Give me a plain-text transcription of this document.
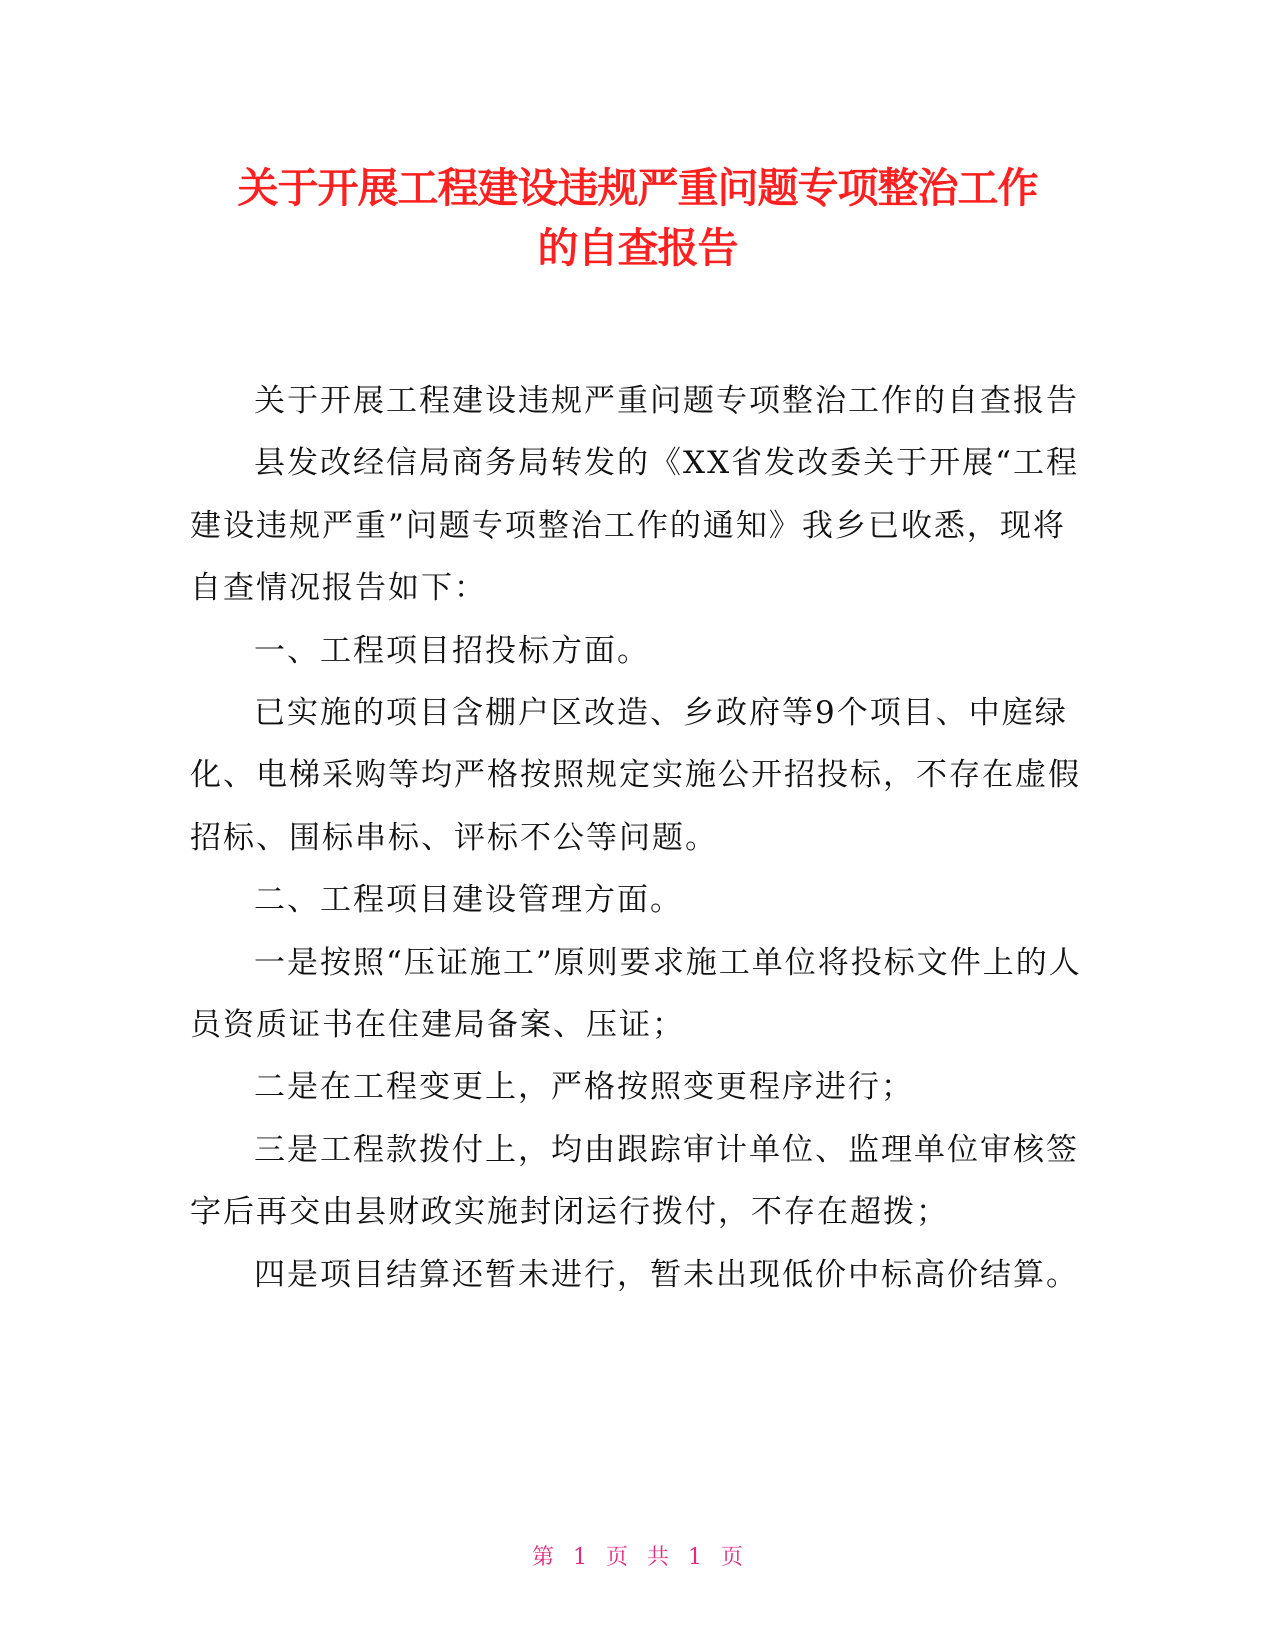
关于开展工程建设违规严重问题专项整治工作
的自查报告

关于开展工程建设违规严重问题专项整治工作的自查报告

县发改经信局商务局转发的《XX省发改委关于开展“工程建设违规严重”问题专项整治工作的通知》我乡已收悉，现将自查情况报告如下：

一、工程项目招投标方面。

已实施的项目含棚户区改造、乡政府等9个项目、中庭绿化、电梯采购等均严格按照规定实施公开招投标，不存在虚假招标、围标串标、评标不公等问题。

二、工程项目建设管理方面。

一是按照“压证施工”原则要求施工单位将投标文件上的人员资质证书在住建局备案、压证；

二是在工程变更上，严格按照变更程序进行；

三是工程款拨付上，均由跟踪审计单位、监理单位审核签字后再交由县财政实施封闭运行拨付，不存在超拨；

四是项目结算还暂未进行，暂未出现低价中标高价结算。

第 1 页 共 1 页
